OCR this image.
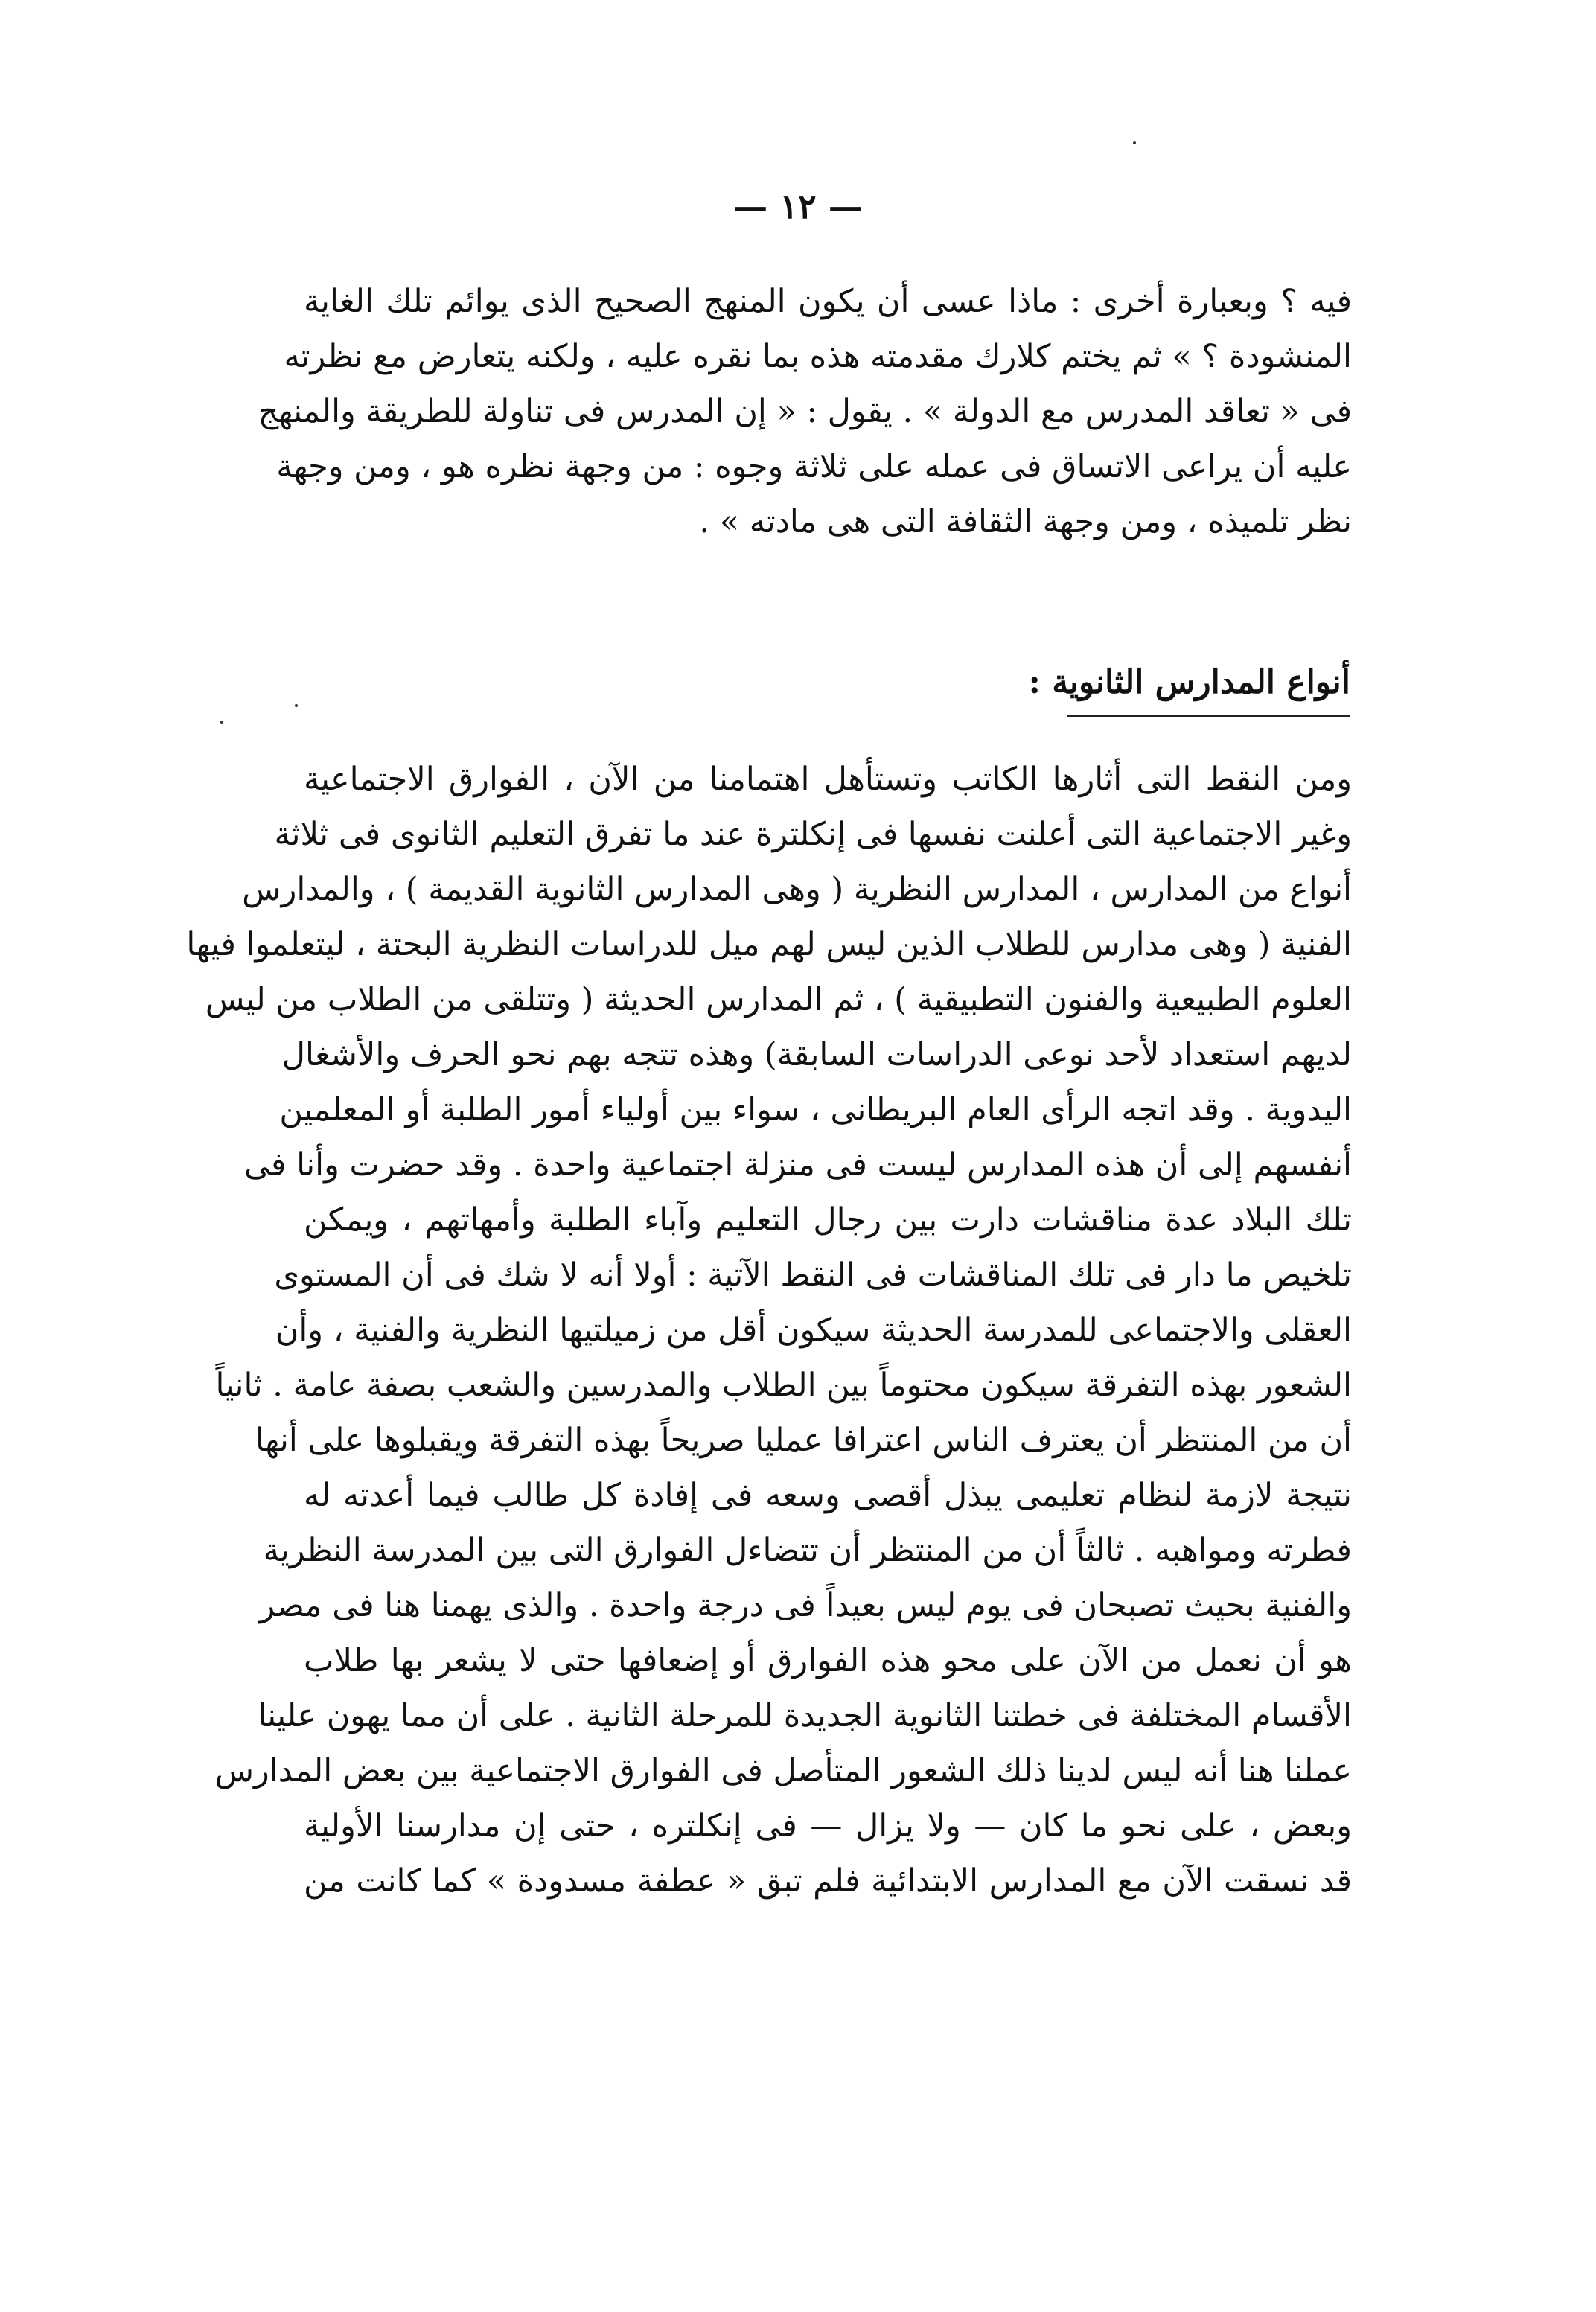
— ١٢ —
فيه ؟ وبعبارة أخرى : ماذا عسى أن يكون المنهج الصحيح الذى يوائم تلك الغاية
المنشودة ؟ » ثم يختم كلارك مقدمته هذه بما نقره عليه ، ولكنه يتعارض مع نظرته
فى « تعاقد المدرس مع الدولة » . يقول : « إن المدرس فى تناولة للطريقة والمنهج
عليه أن يراعى الاتساق فى عمله على ثلاثة وجوه : من وجهة نظره هو ، ومن وجهة
نظر تلميذه ، ومن وجهة الثقافة التى هى مادته » .
أنواع المدارس الثانوية :
ومن النقط التى أثارها الكاتب وتستأهل اهتمامنا من الآن ، الفوارق الاجتماعية
وغير الاجتماعية التى أعلنت نفسها فى إنكلترة عند ما تفرق التعليم الثانوى فى ثلاثة
أنواع من المدارس ، المدارس النظرية ( وهى المدارس الثانوية القديمة ) ، والمدارس
الفنية ( وهى مدارس للطلاب الذين ليس لهم ميل للدراسات النظرية البحتة ، ليتعلموا فيها
العلوم الطبيعية والفنون التطبيقية ) ، ثم المدارس الحديثة ( وتتلقى من الطلاب من ليس
لديهم استعداد لأحد نوعى الدراسات السابقة) وهذه تتجه بهم نحو الحرف والأشغال
اليدوية . وقد اتجه الرأى العام البريطانى ، سواء بين أولياء أمور الطلبة أو المعلمين
أنفسهم إلى أن هذه المدارس ليست فى منزلة اجتماعية واحدة . وقد حضرت وأنا فى
تلك البلاد عدة مناقشات دارت بين رجال التعليم وآباء الطلبة وأمهاتهم ، ويمكن
تلخيص ما دار فى تلك المناقشات فى النقط الآتية : أولا أنه لا شك فى أن المستوى
العقلى والاجتماعى للمدرسة الحديثة سيكون أقل من زميلتيها النظرية والفنية ، وأن
الشعور بهذه التفرقة سيكون محتوماً بين الطلاب والمدرسين والشعب بصفة عامة . ثانياً
أن من المنتظر أن يعترف الناس اعترافا عمليا صريحاً بهذه التفرقة ويقبلوها على أنها
نتيجة لازمة لنظام تعليمى يبذل أقصى وسعه فى إفادة كل طالب فيما أعدته له
فطرته ومواهبه . ثالثاً أن من المنتظر أن تتضاءل الفوارق التى بين المدرسة النظرية
والفنية بحيث تصبحان فى يوم ليس بعيداً فى درجة واحدة . والذى يهمنا هنا فى مصر
هو أن نعمل من الآن على محو هذه الفوارق أو إضعافها حتى لا يشعر بها طلاب
الأقسام المختلفة فى خطتنا الثانوية الجديدة للمرحلة الثانية . على أن مما يهون علينا
عملنا هنا أنه ليس لدينا ذلك الشعور المتأصل فى الفوارق الاجتماعية بين بعض المدارس
وبعض ، على نحو ما كان — ولا يزال — فى إنكلتره ، حتى إن مدارسنا الأولية
قد نسقت الآن مع المدارس الابتدائية فلم تبق « عطفة مسدودة » كما كانت من
